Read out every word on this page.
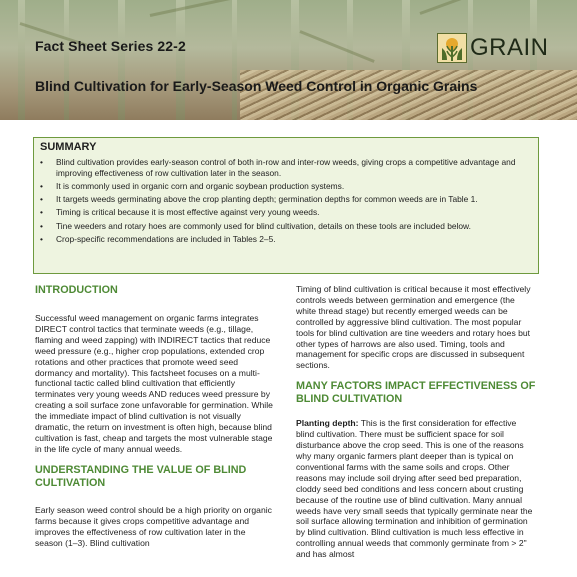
Fact Sheet Series 22-2
Blind Cultivation for Early-Season Weed Control in Organic Grains
GRAIN
SUMMARY
• Blind cultivation provides early-season control of both in-row and inter-row weeds, giving crops a competitive advantage and improving effectiveness of row cultivation later in the season.
• It is commonly used in organic corn and organic soybean production systems.
• It targets weeds germinating above the crop planting depth; germination depths for common weeds are in Table 1.
• Timing is critical because it is most effective against very young weeds.
• Tine weeders and rotary hoes are commonly used for blind cultivation, details on these tools are included below.
• Crop-specific recommendations are included in Tables 2–5.
INTRODUCTION

Successful weed management on organic farms integrates DIRECT control tactics that terminate weeds (e.g., tillage, flaming and weed zapping) with INDIRECT tactics that reduce weed pressure (e.g., higher crop populations, extended crop rotations and other practices that promote weed seed dormancy and mortality). This factsheet focuses on a multi-functional tactic called blind cultivation that efficiently terminates very young weeds AND reduces weed pressure by creating a soil surface zone unfavorable for germination. While the immediate impact of blind cultivation is not visually dramatic, the return on investment is often high, because blind cultivation is fast, cheap and targets the most vulnerable stage in the life cycle of many annual weeds.

UNDERSTANDING THE VALUE OF BLIND CULTIVATION

Early season weed control should be a high priority on organic farms because it gives crops competitive advantage and improves the effectiveness of row cultivation later in the season (1–3). Blind cultivation

Timing of blind cultivation is critical because it most effectively controls weeds between germination and emergence (the white thread stage) but recently emerged weeds can be controlled by aggressive blind cultivation. The most popular tools for blind cultivation are tine weeders and rotary hoes but other types of harrows are also used. Timing, tools and management for specific crops are discussed in subsequent sections.

MANY FACTORS IMPACT EFFECTIVENESS OF BLIND CULTIVATION

Planting depth: This is the first consideration for effective blind cultivation. There must be sufficient space for soil disturbance above the crop seed. This is one of the reasons why many organic farmers plant deeper than is typical on conventional farms with the same soils and crops. Other reasons may include soil drying after seed bed preparation, cloddy seed bed conditions and less concern about crusting because of the routine use of blind cultivation. Many annual weeds have very small seeds that typically germinate near the soil surface allowing termination and inhibition of germination by blind cultivation. Blind cultivation is much less effective in controlling annual weeds that commonly germinate from > 2" and has almost
